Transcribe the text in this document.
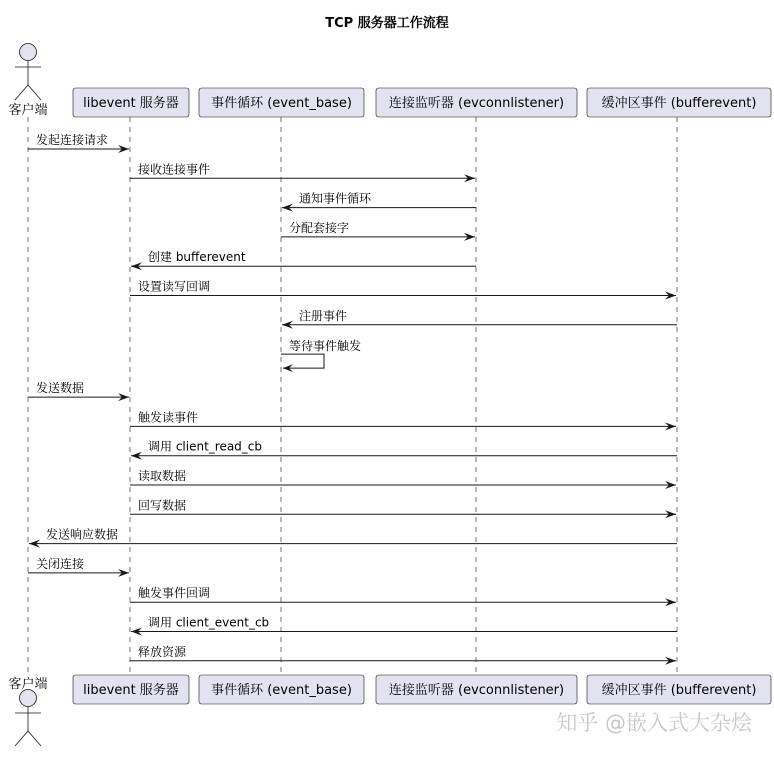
TCP 服务器工作流程
客户端
客户端
libevent 服务器
libevent 服务器
事件循环 (event_base)
事件循环 (event_base)
连接监听器 (evconnlistener)
连接监听器 (evconnlistener)
缓冲区事件 (bufferevent)
缓冲区事件 (bufferevent)
发起连接请求
接收连接事件
通知事件循环
分配套接字
创建 bufferevent
设置读写回调
注册事件
等待事件触发
发送数据
触发读事件
调用 client_read_cb
读取数据
回写数据
发送响应数据
关闭连接
触发事件回调
调用 client_event_cb
释放资源
知乎 @嵌入式大杂烩
